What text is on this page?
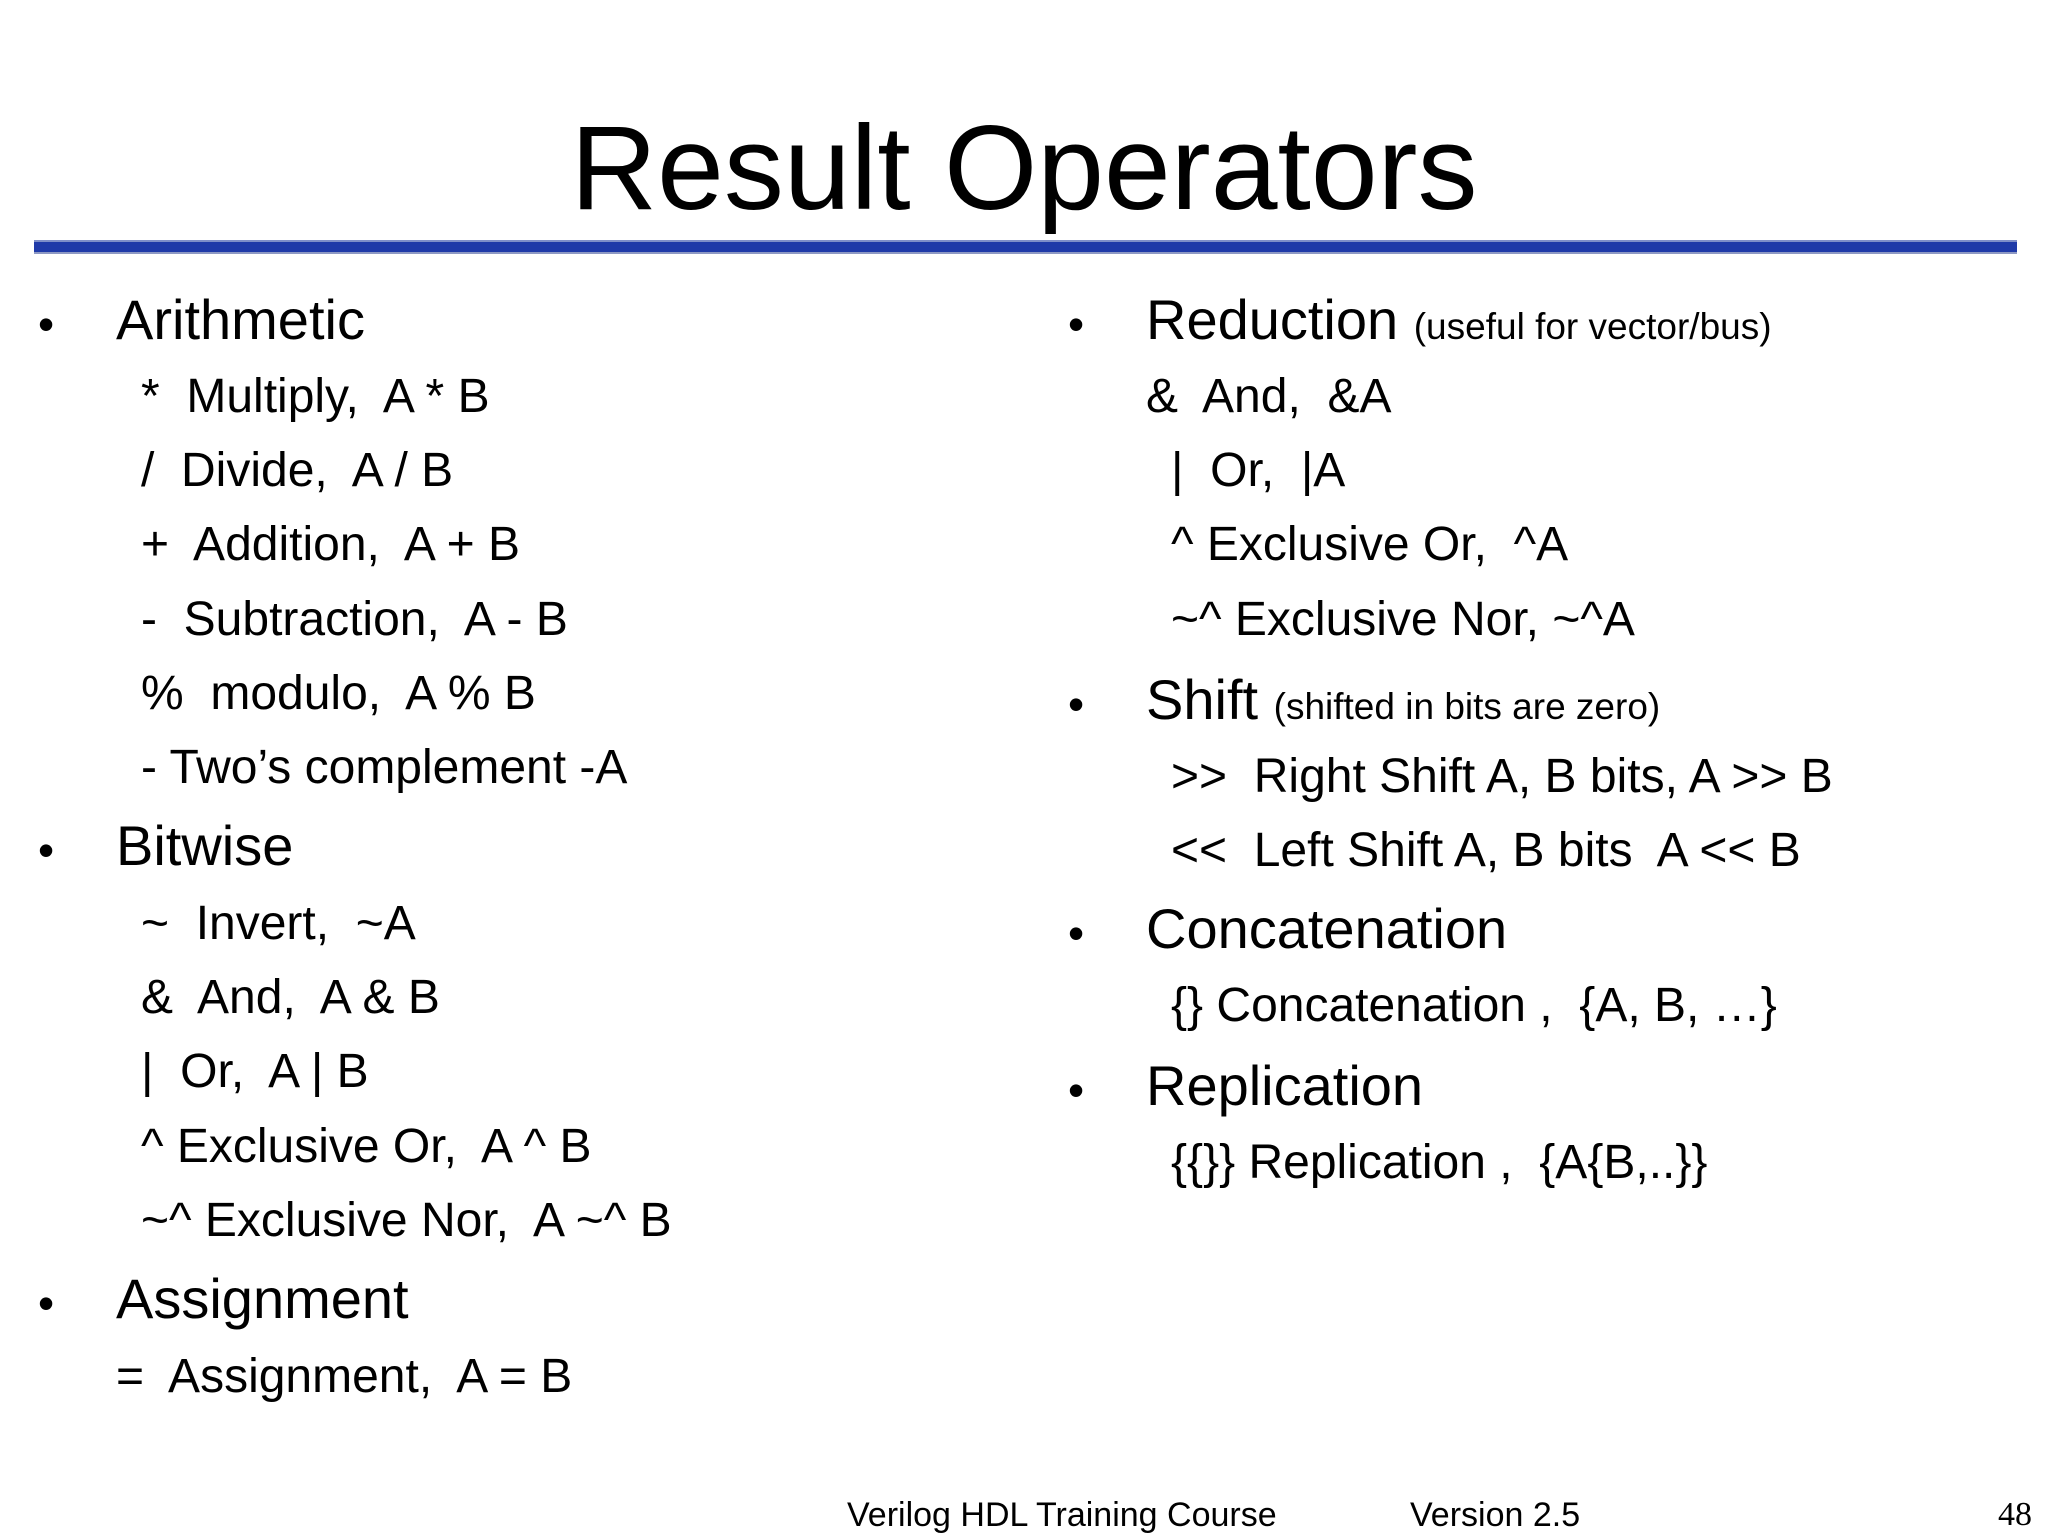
Result Operators
• Arithmetic
*  Multiply,  A * B
/  Divide,  A / B
+  Addition,  A + B
-  Subtraction,  A - B
%  modulo,  A % B
- Two’s complement -A
• Bitwise
~  Invert,  ~A
&  And,  A & B
|  Or,  A | B
^ Exclusive Or,  A ^ B
~^ Exclusive Nor,  A ~^ B
• Assignment
=  Assignment,  A = B
• Reduction (useful for vector/bus)
&  And,  &A
|  Or,  |A
^ Exclusive Or,  ^A
~^ Exclusive Nor, ~^A
• Shift (shifted in bits are zero)
>>  Right Shift A, B bits, A >> B
<<  Left Shift A, B bits  A << B
• Concatenation
{} Concatenation ,  {A, B, …}
• Replication
{{}} Replication ,  {A{B,..}}
Verilog HDL Training Course	Version 2.5	48
